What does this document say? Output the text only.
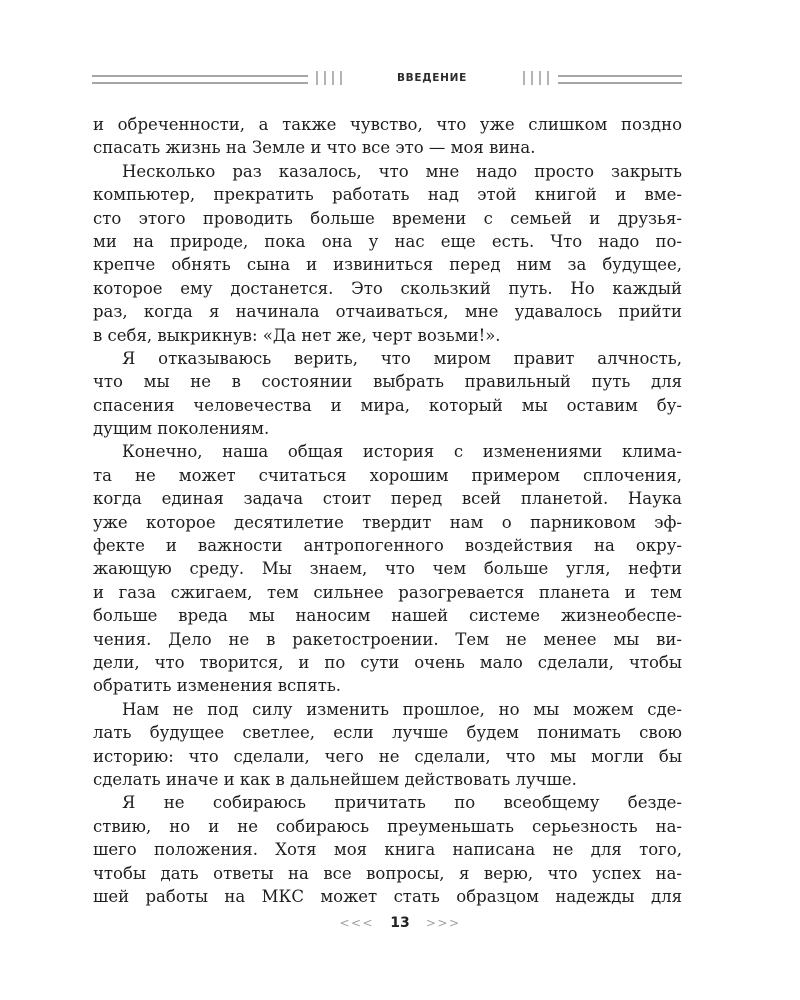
ВВЕДЕНИЕ
и обреченности, а также чувство, что уже слишком поздно
спасать жизнь на Земле и что все это — моя вина.
Несколько раз казалось, что мне надо просто закрыть
компьютер, прекратить работать над этой книгой и вме-
сто этого проводить больше времени с семьей и друзья-
ми на природе, пока она у нас еще есть. Что надо по-
крепче обнять сына и извиниться перед ним за будущее,
которое ему достанется. Это скользкий путь. Но каждый
раз, когда я начинала отчаиваться, мне удавалось прийти
в себя, выкрикнув: «Да нет же, черт возьми!».
Я отказываюсь верить, что миром правит алчность,
что мы не в состоянии выбрать правильный путь для
спасения человечества и мира, который мы оставим бу-
дущим поколениям.
Конечно, наша общая история с изменениями клима-
та не может считаться хорошим примером сплочения,
когда единая задача стоит перед всей планетой. Наука
уже которое десятилетие твердит нам о парниковом эф-
фекте и важности антропогенного воздействия на окру-
жающую среду. Мы знаем, что чем больше угля, нефти
и газа сжигаем, тем сильнее разогревается планета и тем
больше вреда мы наносим нашей системе жизнеобеспе-
чения. Дело не в ракетостроении. Тем не менее мы ви-
дели, что творится, и по сути очень мало сделали, чтобы
обратить изменения вспять.
Нам не под силу изменить прошлое, но мы можем сде-
лать будущее светлее, если лучше будем понимать свою
историю: что сделали, чего не сделали, что мы могли бы
сделать иначе и как в дальнейшем действовать лучше.
Я не собираюсь причитать по всеобщему безде-
ствию, но и не собираюсь преуменьшать серьезность на-
шего положения. Хотя моя книга написана не для того,
чтобы дать ответы на все вопросы, я верю, что успех на-
шей работы на МКС может стать образцом надежды для
<<< 13 >>>
